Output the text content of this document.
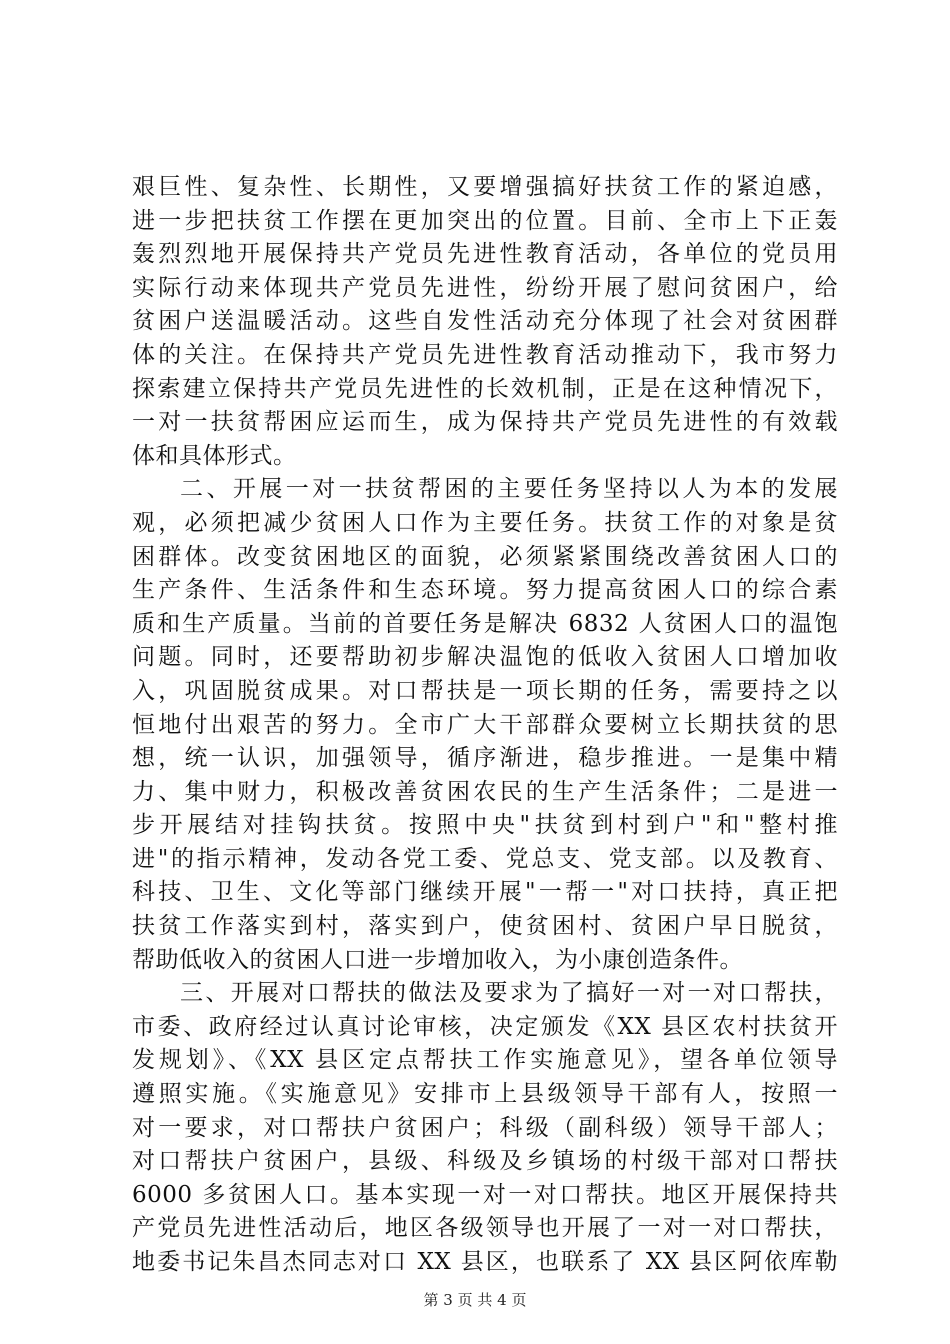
艰巨性、复杂性、长期性，又要增强搞好扶贫工作的紧迫感，
进一步把扶贫工作摆在更加突出的位置。目前、全市上下正轰
轰烈烈地开展保持共产党员先进性教育活动，各单位的党员用
实际行动来体现共产党员先进性，纷纷开展了慰问贫困户，给
贫困户送温暖活动。这些自发性活动充分体现了社会对贫困群
体的关注。在保持共产党员先进性教育活动推动下，我市努力
探索建立保持共产党员先进性的长效机制，正是在这种情况下，
一对一扶贫帮困应运而生，成为保持共产党员先进性的有效载
体和具体形式。
二、开展一对一扶贫帮困的主要任务坚持以人为本的发展
观，必须把减少贫困人口作为主要任务。扶贫工作的对象是贫
困群体。改变贫困地区的面貌，必须紧紧围绕改善贫困人口的
生产条件、生活条件和生态环境。努力提高贫困人口的综合素
质和生产质量。当前的首要任务是解决 6832 人贫困人口的温饱
问题。同时，还要帮助初步解决温饱的低收入贫困人口增加收
入，巩固脱贫成果。对口帮扶是一项长期的任务，需要持之以
恒地付出艰苦的努力。全市广大干部群众要树立长期扶贫的思
想，统一认识，加强领导，循序渐进，稳步推进。一是集中精
力、集中财力，积极改善贫困农民的生产生活条件；二是进一
步开展结对挂钩扶贫。按照中央"扶贫到村到户"和"整村推
进"的指示精神，发动各党工委、党总支、党支部。以及教育、
科技、卫生、文化等部门继续开展"一帮一"对口扶持，真正把
扶贫工作落实到村，落实到户，使贫困村、贫困户早日脱贫，
帮助低收入的贫困人口进一步增加收入，为小康创造条件。
三、开展对口帮扶的做法及要求为了搞好一对一对口帮扶，
市委、政府经过认真讨论审核，决定颁发《XX 县区农村扶贫开
发规划》、《XX 县区定点帮扶工作实施意见》，望各单位领导
遵照实施。《实施意见》安排市上县级领导干部有人，按照一
对一要求，对口帮扶户贫困户；科级（副科级）领导干部人；
对口帮扶户贫困户，县级、科级及乡镇场的村级干部对口帮扶
6000 多贫困人口。基本实现一对一对口帮扶。地区开展保持共
产党员先进性活动后，地区各级领导也开展了一对一对口帮扶，
地委书记朱昌杰同志对口 XX 县区，也联系了 XX 县区阿依库勒
第 3 页 共 4 页
